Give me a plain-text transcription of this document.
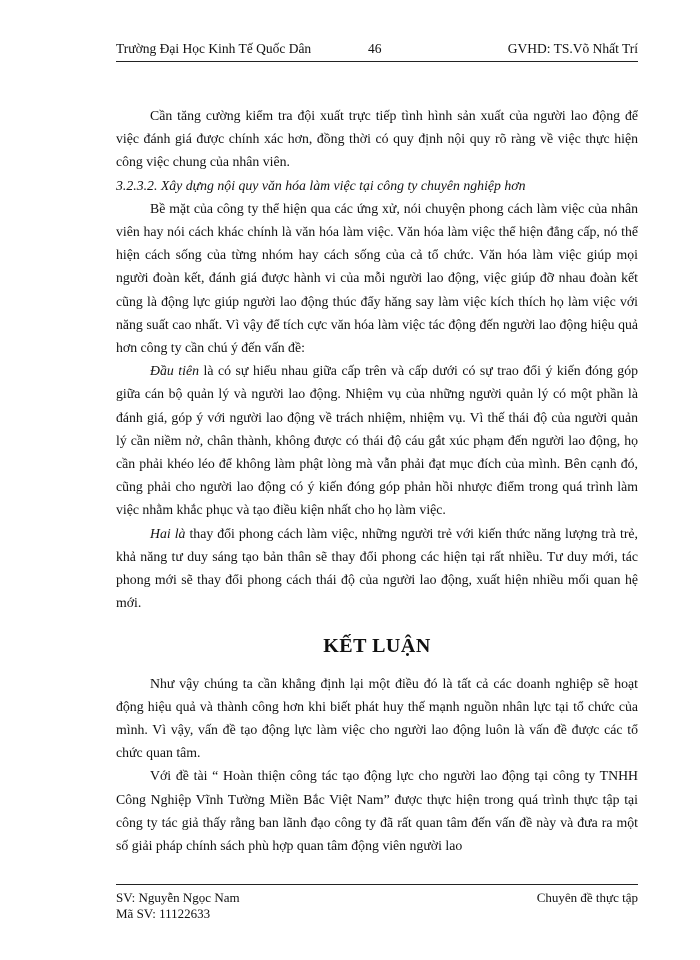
Trường Đại Học Kinh Tế Quốc Dân	46	GVHD: TS.Võ Nhất Trí

Cần tăng cường kiểm tra đội xuất trực tiếp tình hình sản xuất của người lao động để việc đánh giá được chính xác hơn, đồng thời có quy định nội quy rõ ràng về việc thực hiện công việc chung của nhân viên.

3.2.3.2. Xây dựng nội quy văn hóa làm việc tại công ty chuyên nghiệp hơn

Bề mặt của công ty thể hiện qua các ứng xử, nói chuyện phong cách làm việc của nhân viên hay nói cách khác chính là văn hóa làm việc. Văn hóa làm việc thể hiện đẳng cấp, nó thể hiện cách sống của từng nhóm hay cách sống của cả tổ chức. Văn hóa làm việc giúp mọi người đoàn kết, đánh giá được hành vi của mỗi người lao động, việc giúp đỡ nhau đoàn kết cũng là động lực giúp người lao động thúc đẩy hăng say làm việc kích thích họ làm việc với năng suất cao nhất. Vì vậy để tích cực văn hóa làm việc tác động đến người lao động hiệu quả hơn công ty cần chú ý đến vấn đề:

Đầu tiên là có sự hiểu nhau giữa cấp trên và cấp dưới có sự trao đổi ý kiến đóng góp giữa cán bộ quản lý và người lao động. Nhiệm vụ của những người quản lý có một phần là đánh giá, góp ý với người lao động về trách nhiệm, nhiệm vụ. Vì thế thái độ của người quản lý cần niềm nở, chân thành, không được có thái độ cáu gắt xúc phạm đến người lao động, họ cần phải khéo léo để không làm phật lòng mà vẫn phải đạt mục đích của mình. Bên cạnh đó, cũng phải cho người lao động có ý kiến đóng góp phản hồi nhược điểm trong quá trình làm việc nhằm khắc phục và tạo điều kiện nhất cho họ làm việc.

Hai là thay đổi phong cách làm việc, những người trẻ với kiến thức năng lượng trà trẻ, khả năng tư duy sáng tạo bản thân sẽ thay đổi phong các hiện tại rất nhiều. Tư duy mới, tác phong mới sẽ thay đổi phong cách thái độ của người lao động, xuất hiện nhiều mối quan hệ mới.

KẾT LUẬN

Như vậy chúng ta cần khẳng định lại một điều đó là tất cả các doanh nghiệp sẽ hoạt động hiệu quả và thành công hơn khi biết phát huy thế mạnh nguồn nhân lực tại tổ chức của mình. Vì vậy, vấn đề tạo động lực làm việc cho người lao động luôn là vấn đề được các tổ chức quan tâm.

Với đề tài “ Hoàn thiện công tác tạo động lực cho người lao động tại công ty TNHH Công Nghiệp Vĩnh Tường Miền Bắc Việt Nam” được thực hiện trong quá trình thực tập tại công ty tác giả thấy rằng ban lãnh đạo công ty đã rất quan tâm đến vấn đề này và đưa ra một số giải pháp chính sách phù hợp quan tâm động viên người lao

SV: Nguyễn Ngọc Nam
Mã SV: 11122633
Chuyên đề thực tập
